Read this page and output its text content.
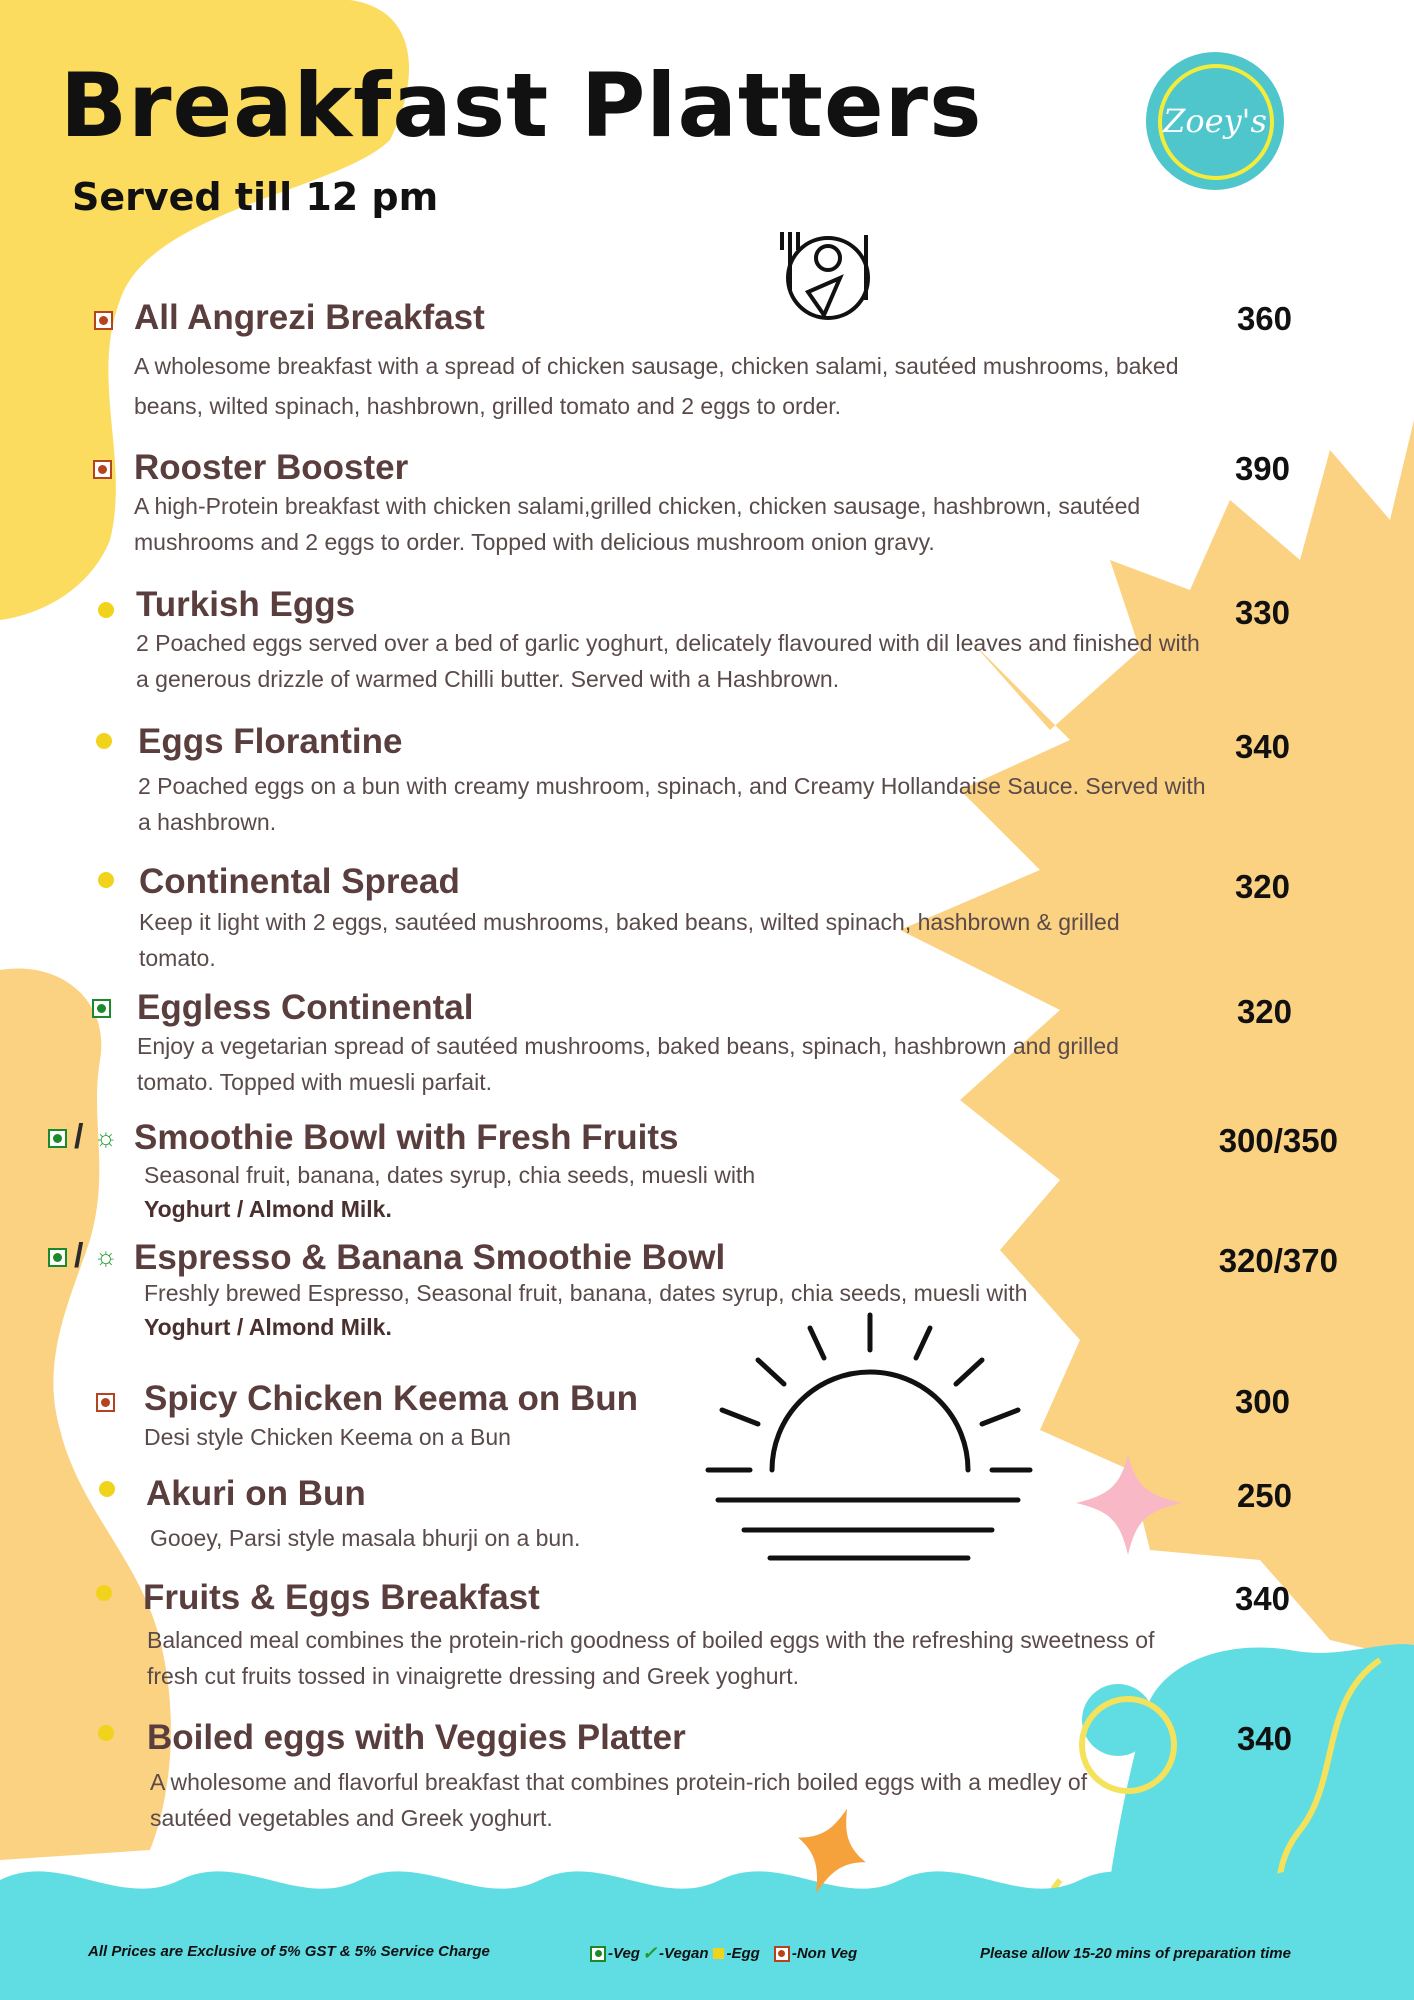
Breakfast Platters
Served till 12 pm
Zoey's
All Angrezi Breakfast
A wholesome breakfast with a spread of chicken sausage, chicken salami, sautéed mushrooms, baked beans, wilted spinach, hashbrown, grilled tomato and 2 eggs to order.
360
Rooster Booster
A high-Protein breakfast with chicken salami,grilled chicken, chicken sausage, hashbrown, sautéed mushrooms and 2 eggs to order. Topped with delicious mushroom onion gravy.
390
Turkish Eggs
2 Poached eggs served over a bed of garlic yoghurt, delicately flavoured with dil leaves and finished with a generous drizzle of warmed Chilli butter. Served with a Hashbrown.
330
Eggs Florantine
2 Poached eggs on a bun with creamy mushroom, spinach, and Creamy Hollandaise Sauce. Served with a hashbrown.
340
Continental Spread
Keep it light with 2 eggs, sautéed mushrooms, baked beans, wilted spinach, hashbrown & grilled tomato.
320
Eggless Continental
Enjoy a vegetarian spread of sautéed mushrooms, baked beans, spinach, hashbrown and grilled tomato. Topped with muesli parfait.
320
/ ☼ Smoothie Bowl with Fresh Fruits
Seasonal fruit, banana, dates syrup, chia seeds, muesli with
Yoghurt / Almond Milk.
300/350
/ ☼ Espresso & Banana Smoothie Bowl
Freshly brewed Espresso, Seasonal fruit, banana, dates syrup, chia seeds, muesli with
Yoghurt / Almond Milk.
320/370
Spicy Chicken Keema on Bun
Desi style Chicken Keema on a Bun
300
Akuri on Bun
Gooey, Parsi style masala bhurji on a bun.
250
Fruits & Eggs Breakfast
Balanced meal combines the protein-rich goodness of boiled eggs with the refreshing sweetness of fresh cut fruits tossed in vinaigrette dressing and Greek yoghurt.
340
Boiled eggs with Veggies Platter
A wholesome and flavorful breakfast that combines protein-rich boiled eggs with a medley of sautéed vegetables and Greek yoghurt.
340
All Prices are Exclusive of 5% GST & 5% Service Charge	-Veg ✓ -Vegan -Egg -Non Veg	Please allow 15-20 mins of preparation time
